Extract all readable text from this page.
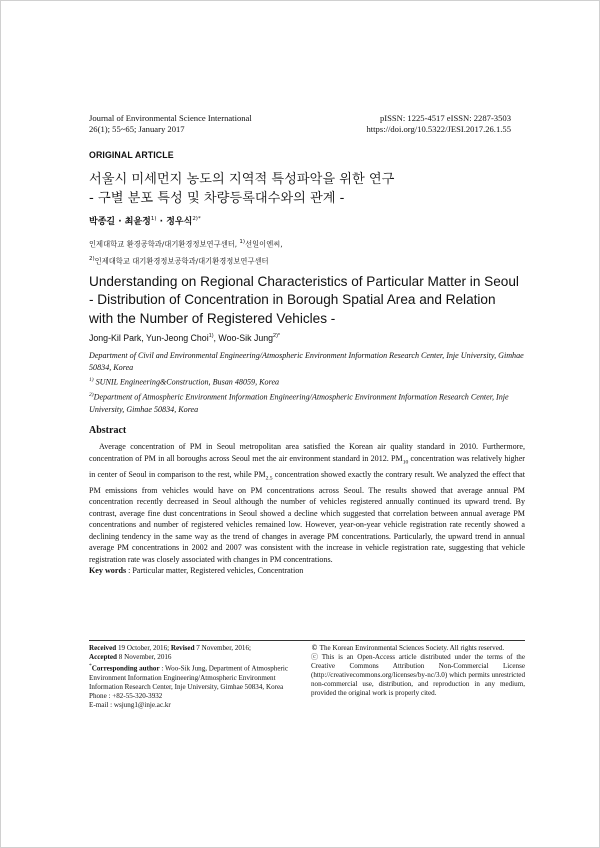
Journal of Environmental Science International
26(1); 55~65; January 2017
pISSN: 1225-4517 eISSN: 2287-3503
https://doi.org/10.5322/JESI.2017.26.1.55
ORIGINAL ARTICLE
서울시 미세먼지 농도의 지역적 특성파악을 위한 연구
- 구별 분포 특성 및 차량등록대수와의 관계 -
박종길 · 최윤정$^{1)}$ · 정우식$^{2)*}$
인제대학교 환경공학과/대기환경정보연구센터, $^{1)}$선일이엔씨,
$^{2)}$인제대학교 대기환경정보공학과/대기환경정보연구센터
Understanding on Regional Characteristics of Particular Matter in Seoul - Distribution of Concentration in Borough Spatial Area and Relation with the Number of Registered Vehicles -
Jong-Kil Park, Yun-Jeong Choi$^{1)}$, Woo-Sik Jung$^{2)*}$
Department of Civil and Environmental Engineering/Atmospheric Environment Information Research Center, Inje University, Gimhae 50834, Korea
$^{1)}$ SUNIL Engineering&Construction, Busan 48059, Korea
$^{2)}$Department of Atmospheric Environment Information Engineering/Atmospheric Environment Information Research Center, Inje University, Gimhae 50834, Korea
Abstract
Average concentration of PM in Seoul metropolitan area satisfied the Korean air quality standard in 2010. Furthermore, concentration of PM in all boroughs across Seoul met the air environment standard in 2012. $PM_{10}$ concentration was relatively higher in center of Seoul in comparison to the rest, while $PM_{2.5}$ concentration showed exactly the contrary result. We analyzed the effect that PM emissions from vehicles would have on PM concentrations across Seoul. The results showed that average annual PM concentration recently decreased in Seoul although the number of vehicles registered annually continued its upward trend. By contrast, average fine dust concentrations in Seoul showed a decline which suggested that correlation between annual average PM concentrations and number of registered vehicles remained low. However, year-on-year vehicle registration rate recently showed a declining tendency in the same way as the trend of changes in average PM concentrations. Particularly, the upward trend in annual average PM concentrations in 2002 and 2007 was consistent with the increase in vehicle registration rate, suggesting that vehicle registration rate was closely associated with changes in PM concentrations.
Key words : Particular matter, Registered vehicles, Concentration
Received 19 October, 2016; Revised 7 November, 2016;
Accepted 8 November, 2016
*Corresponding author : Woo-Sik Jung, Department of Atmospheric Environment Information Engineering/Atmospheric Environment Information Research Center, Inje University, Gimhae 50834, Korea
Phone : +82-55-320-3932
E-mail : wsjung1@inje.ac.kr
© The Korean Environmental Sciences Society. All rights reserved.
ⓒ This is an Open-Access article distributed under the terms of the Creative Commons Attribution Non-Commercial License (http://creativecommons.org/licenses/by-nc/3.0) which permits unrestricted non-commercial use, distribution, and reproduction in any medium, provided the original work is properly cited.
